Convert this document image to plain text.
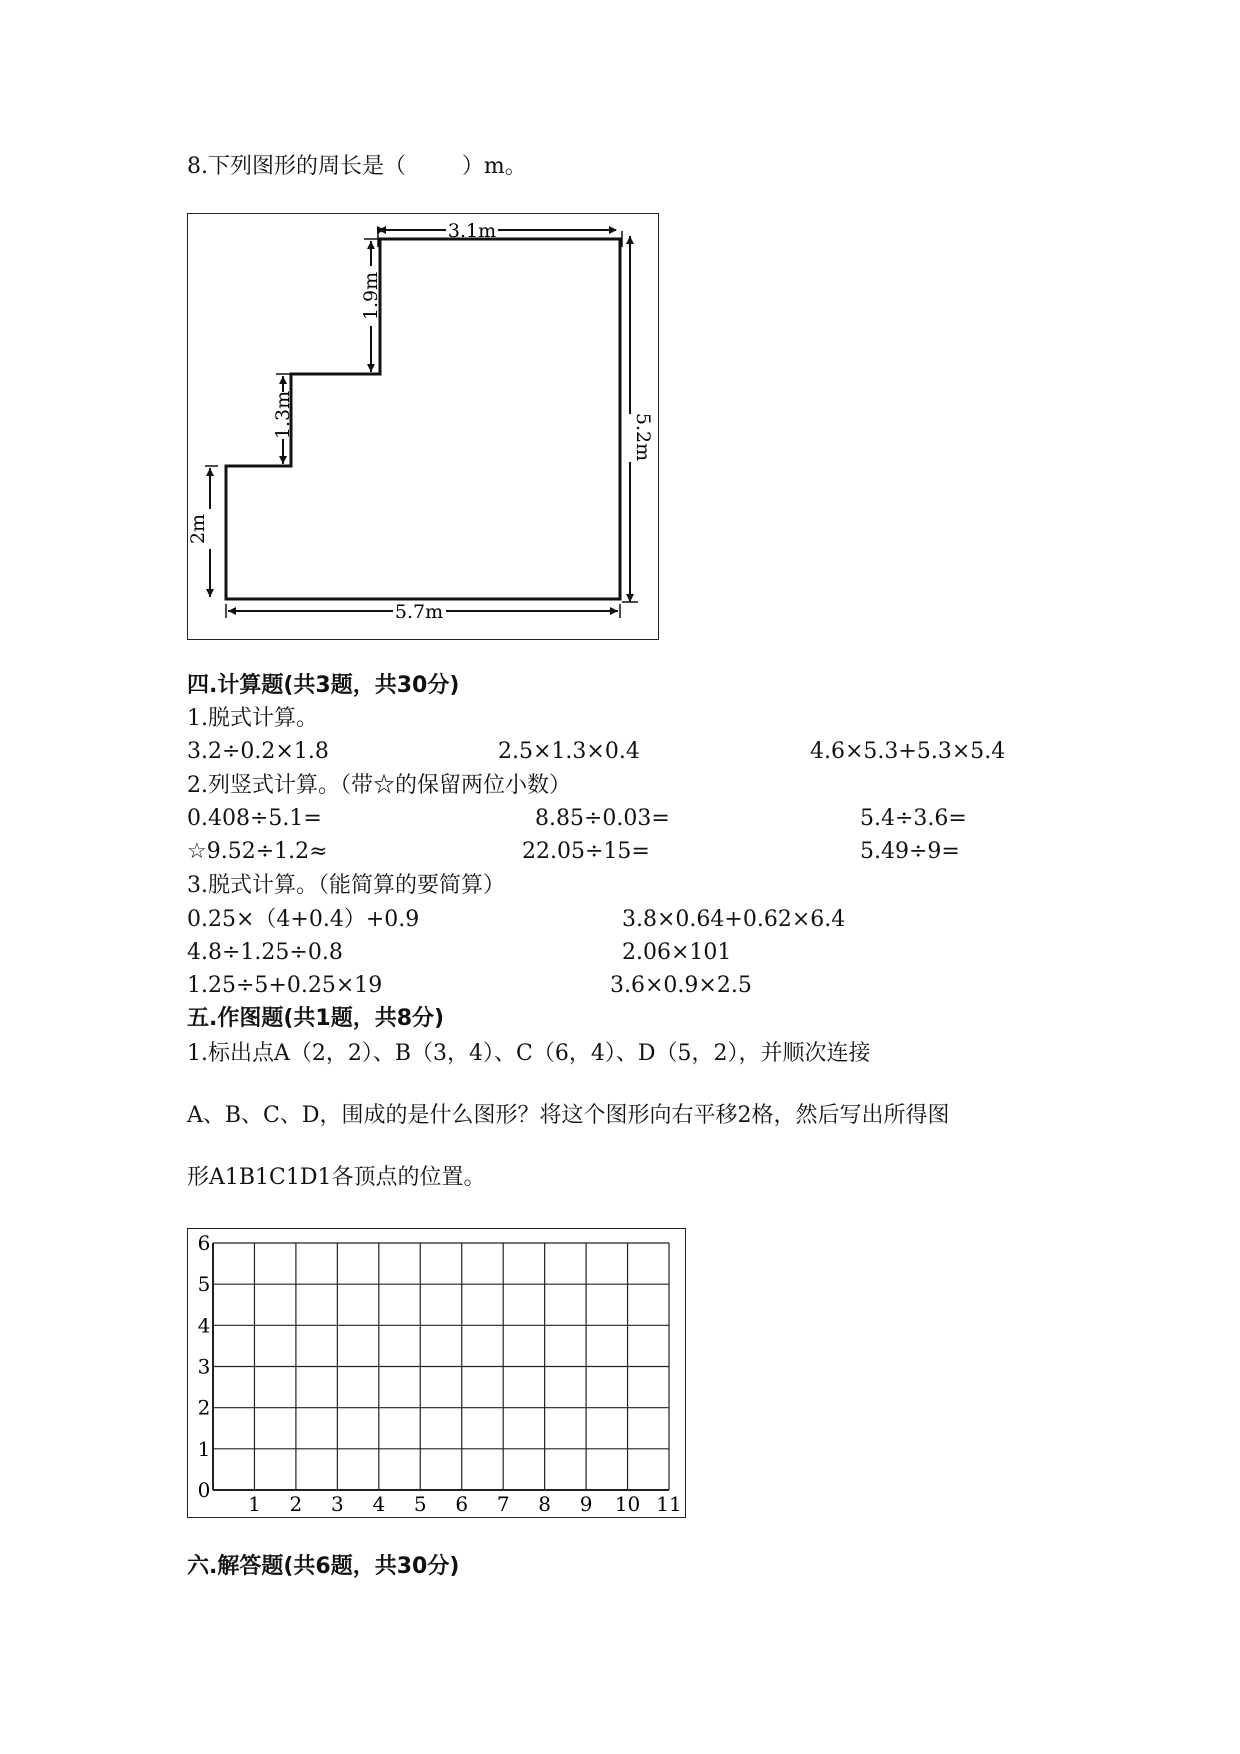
8.下列图形的周长是（        ）m。
3.1m
5.2m
5.7m
2m
1.3m
1.9m
四.计算题(共3题，共30分)
1.脱式计算。
3.2÷0.2×1.8	2.5×1.3×0.4	4.6×5.3+5.3×5.4
2.列竖式计算。（带☆的保留两位小数）
0.408÷5.1=	8.85÷0.03=	5.4÷3.6=
☆9.52÷1.2≈	22.05÷15=	5.49÷9=
3.脱式计算。（能简算的要简算）
0.25×（4+0.4）+0.9	3.8×0.64+0.62×6.4
4.8÷1.25÷0.8	2.06×101
1.25÷5+0.25×19	3.6×0.9×2.5
五.作图题(共1题，共8分)
1.标出点A（2，2）、B（3，4）、C（6，4）、D（5，2），并顺次连接
A、B、C、D，围成的是什么图形？将这个图形向右平移2格，然后写出所得图
形A1B1C1D1各顶点的位置。
1 2 3 4 5 6 7 8 9 10 11
0
1
2
3
4
5
6
六.解答题(共6题，共30分)
